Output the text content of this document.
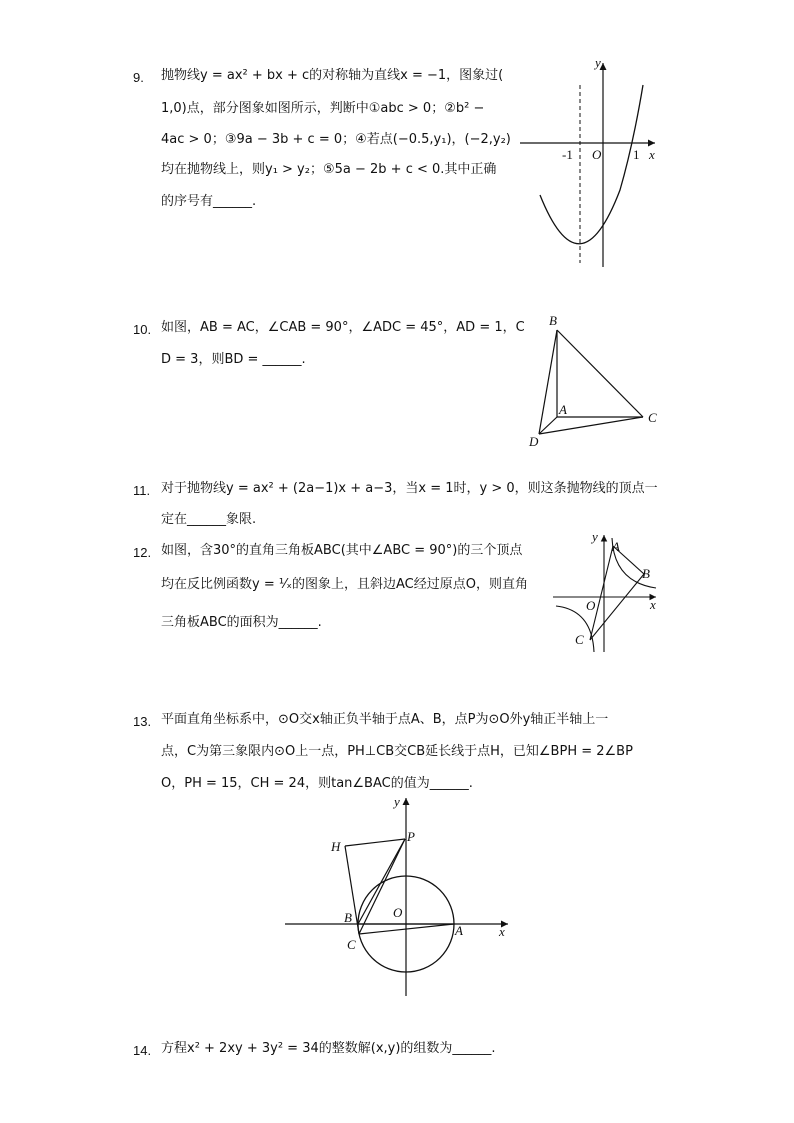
9. 抛物线y = ax² + bx + c的对称轴为直线x = −1，图象过(
1,0)点，部分图象如图所示，判断中①abc > 0；②b² −
4ac > 0；③9a − 3b + c = 0；④若点(−0.5,y₁)，(−2,y₂)
均在抛物线上，则y₁ > y₂；⑤5a − 2b + c < 0.其中正确
的序号有______.
y
x
O
-1	1
10. 如图，AB = AC，∠CAB = 90°，∠ADC = 45°，AD = 1，C
D = 3，则BD = ______.
B
A
C
D
11. 对于抛物线y = ax² + (2a−1)x + a−3，当x = 1时，y > 0，则这条抛物线的顶点一
定在______象限.
12. 如图，含30°的直角三角板ABC(其中∠ABC = 90°)的三个顶点
均在反比例函数y = ¹⁄ₓ的图象上，且斜边AC经过原点O，则直角
三角板ABC的面积为______.
y
x
O
A
B
C
13. 平面直角坐标系中，⊙O交x轴正负半轴于点A、B，点P为⊙O外y轴正半轴上一
点，C为第三象限内⊙O上一点，PH⊥CB交CB延长线于点H，已知∠BPH = 2∠BP
O，PH = 15，CH = 24，则tan∠BAC的值为______.
y
x
O
H
P
B
C
A
14. 方程x² + 2xy + 3y² = 34的整数解(x,y)的组数为______.
